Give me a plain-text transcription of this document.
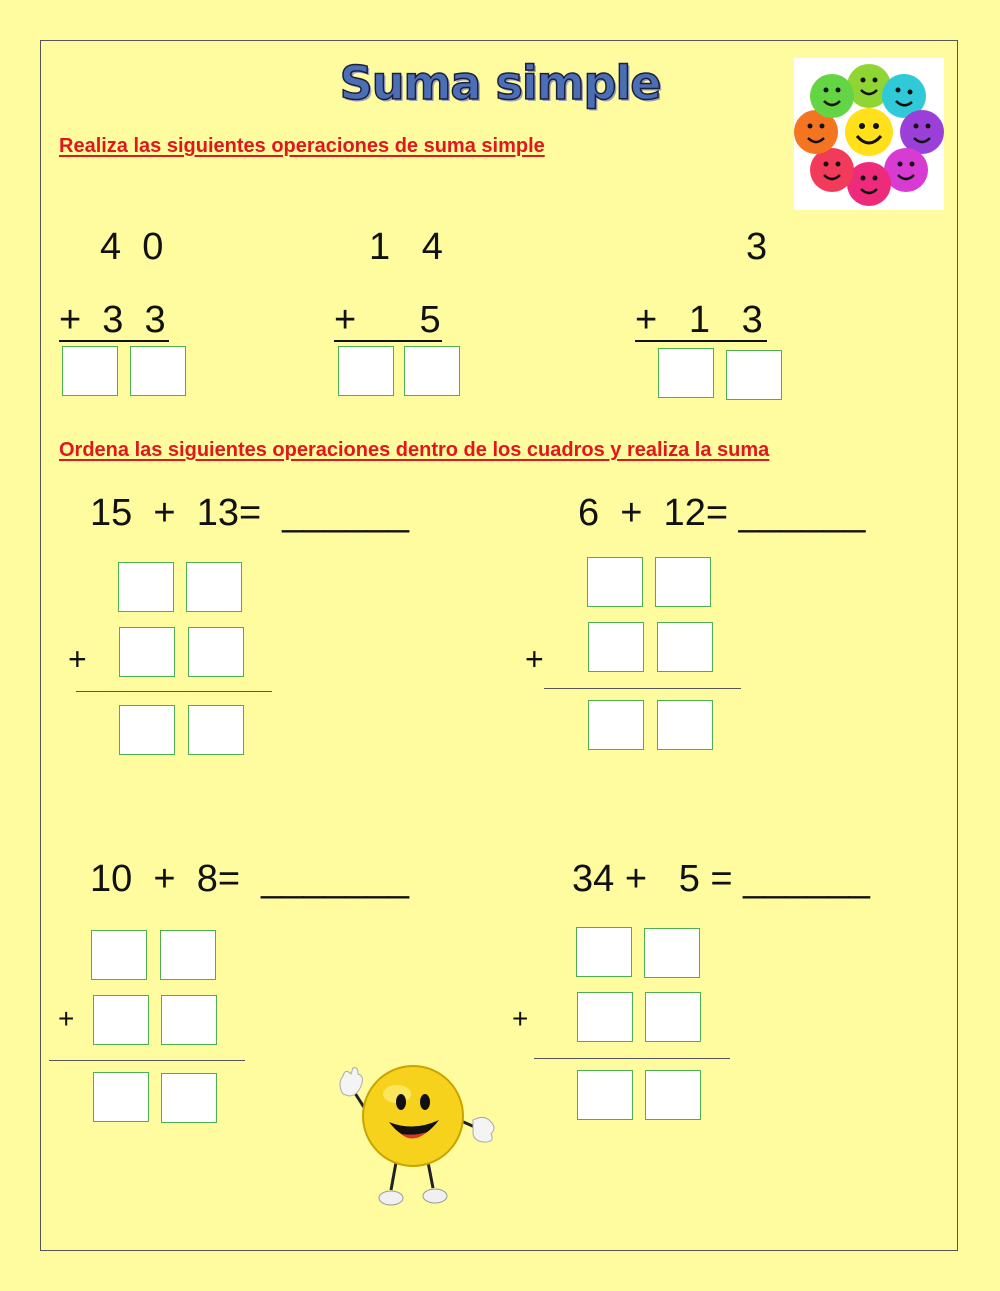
Suma simple
Realiza las siguientes operaciones de suma simple
4  0
+  3  3
1   4
+      5
3
+   1   3
Ordena las siguientes operaciones dentro de los cuadros y realiza la suma
15  +  13=  ______
+
6  +  12= ______
+
10  +  8=  _______
+
34 +   5 = ______
+
